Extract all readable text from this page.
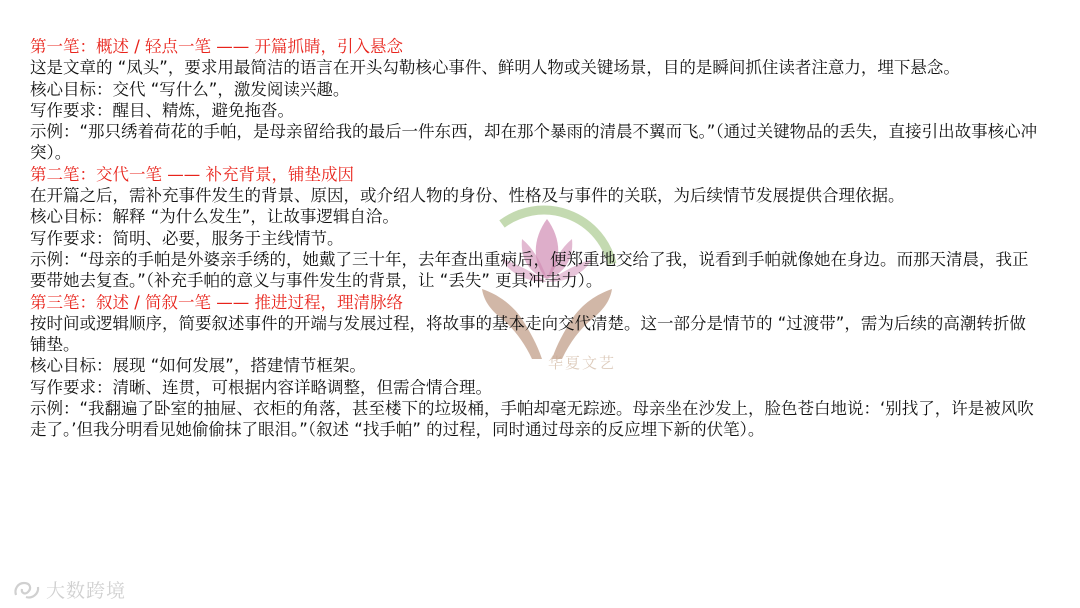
华夏文艺

第一笔：概述 / 轻点一笔 —— 开篇抓睛，引入悬念

这是文章的 “凤头”，要求用最简洁的语言在开头勾勒核心事件、鲜明人物或关键场景，目的是瞬间抓住读者注意力，埋下悬念。

核心目标：交代 “写什么”，激发阅读兴趣。

写作要求：醒目、精炼，避免拖沓。

示例：“那只绣着荷花的手帕，是母亲留给我的最后一件东西，却在那个暴雨的清晨不翼而飞。”（通过关键物品的丢失，直接引出故事核心冲突）。

第二笔：交代一笔 —— 补充背景，铺垫成因

在开篇之后，需补充事件发生的背景、原因，或介绍人物的身份、性格及与事件的关联，为后续情节发展提供合理依据。

核心目标：解释 “为什么发生”，让故事逻辑自洽。

写作要求：简明、必要，服务于主线情节。

示例：“母亲的手帕是外婆亲手绣的，她戴了三十年，去年查出重病后，便郑重地交给了我，说看到手帕就像她在身边。而那天清晨，我正要带她去复查。”（补充手帕的意义与事件发生的背景，让 “丢失” 更具冲击力）。

第三笔：叙述 / 简叙一笔 —— 推进过程，理清脉络

按时间或逻辑顺序，简要叙述事件的开端与发展过程，将故事的基本走向交代清楚。这一部分是情节的 “过渡带”，需为后续的高潮转折做铺垫。

核心目标：展现 “如何发展”，搭建情节框架。

写作要求：清晰、连贯，可根据内容详略调整，但需合情合理。

示例：“我翻遍了卧室的抽屉、衣柜的角落，甚至楼下的垃圾桶，手帕却毫无踪迹。母亲坐在沙发上，脸色苍白地说：‘别找了，许是被风吹走了。’但我分明看见她偷偷抹了眼泪。”（叙述 “找手帕” 的过程，同时通过母亲的反应埋下新的伏笔）。

大数跨境
